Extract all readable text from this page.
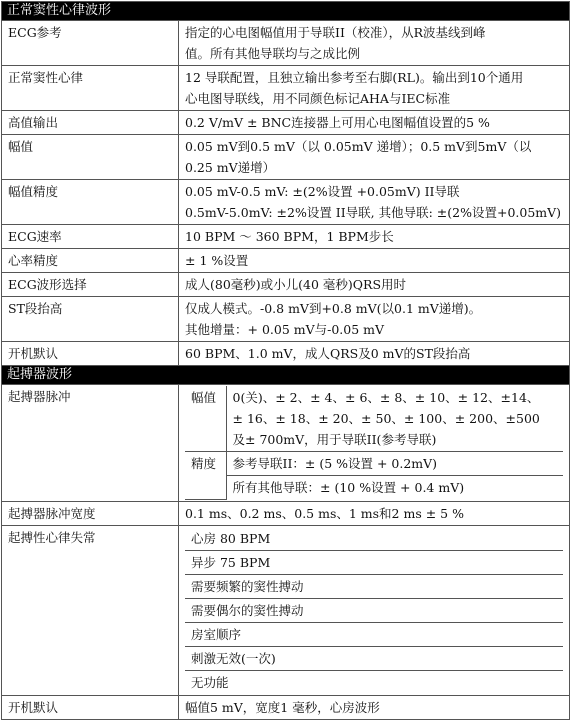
正常窦性心律波形
ECG参考	指定的心电图幅值用于导联II（校准），从R波基线到峰
值。所有其他导联均与之成比例

正常窦性心律	12 导联配置，且独立输出参考至右脚(RL)。输出到10个通用
心电图导联线，用不同颜色标记AHA与IEC标准

高值输出	0.2 V/mV ± BNC连接器上可用心电图幅值设置的5 %

幅值	0.05 mV到0.5 mV（以 0.05mV 递增）；0.5 mV到5mV（以
0.25 mV递增）

幅值精度	0.05 mV-0.5 mV: ±(2%设置 +0.05mV) II导联
0.5mV-5.0mV: ±2%设置 II导联, 其他导联: ±(2%设置+0.05mV)

ECG速率	10 BPM ～ 360 BPM，1 BPM步长

心率精度	± 1 %设置

ECG波形选择	成人(80毫秒)或小儿(40 毫秒)QRS用时

ST段抬高	仅成人模式。-0.8 mV到+0.8 mV(以0.1 mV递增)。
其他增量：+ 0.05 mV与-0.05 mV

开机默认	60 BPM、1.0 mV，成人QRS及0 mV的ST段抬高

起搏器波形
起搏器脉冲		幅值	0(关)、± 2、± 4、± 6、± 8、± 10、± 12、±14、
± 16、± 18、± 20、± 50、± 100、± 200、±500
及± 700mV，用于导联II(参考导联)

精度	参考导联II：± (5 %设置 + 0.2mV)
所有其他导联：± (10 %设置 + 0.4 mV)

起搏器脉冲宽度	0.1 ms、0.2 ms、0.5 ms、1 ms和2 ms ± 5 %
起搏性心律失常		心房 80 BPM
异步 75 BPM
需要频繁的窦性搏动
需要偶尔的窦性搏动
房室顺序
刺激无效(一次)
无功能

开机默认	幅值5 mV，宽度1 毫秒，心房波形
